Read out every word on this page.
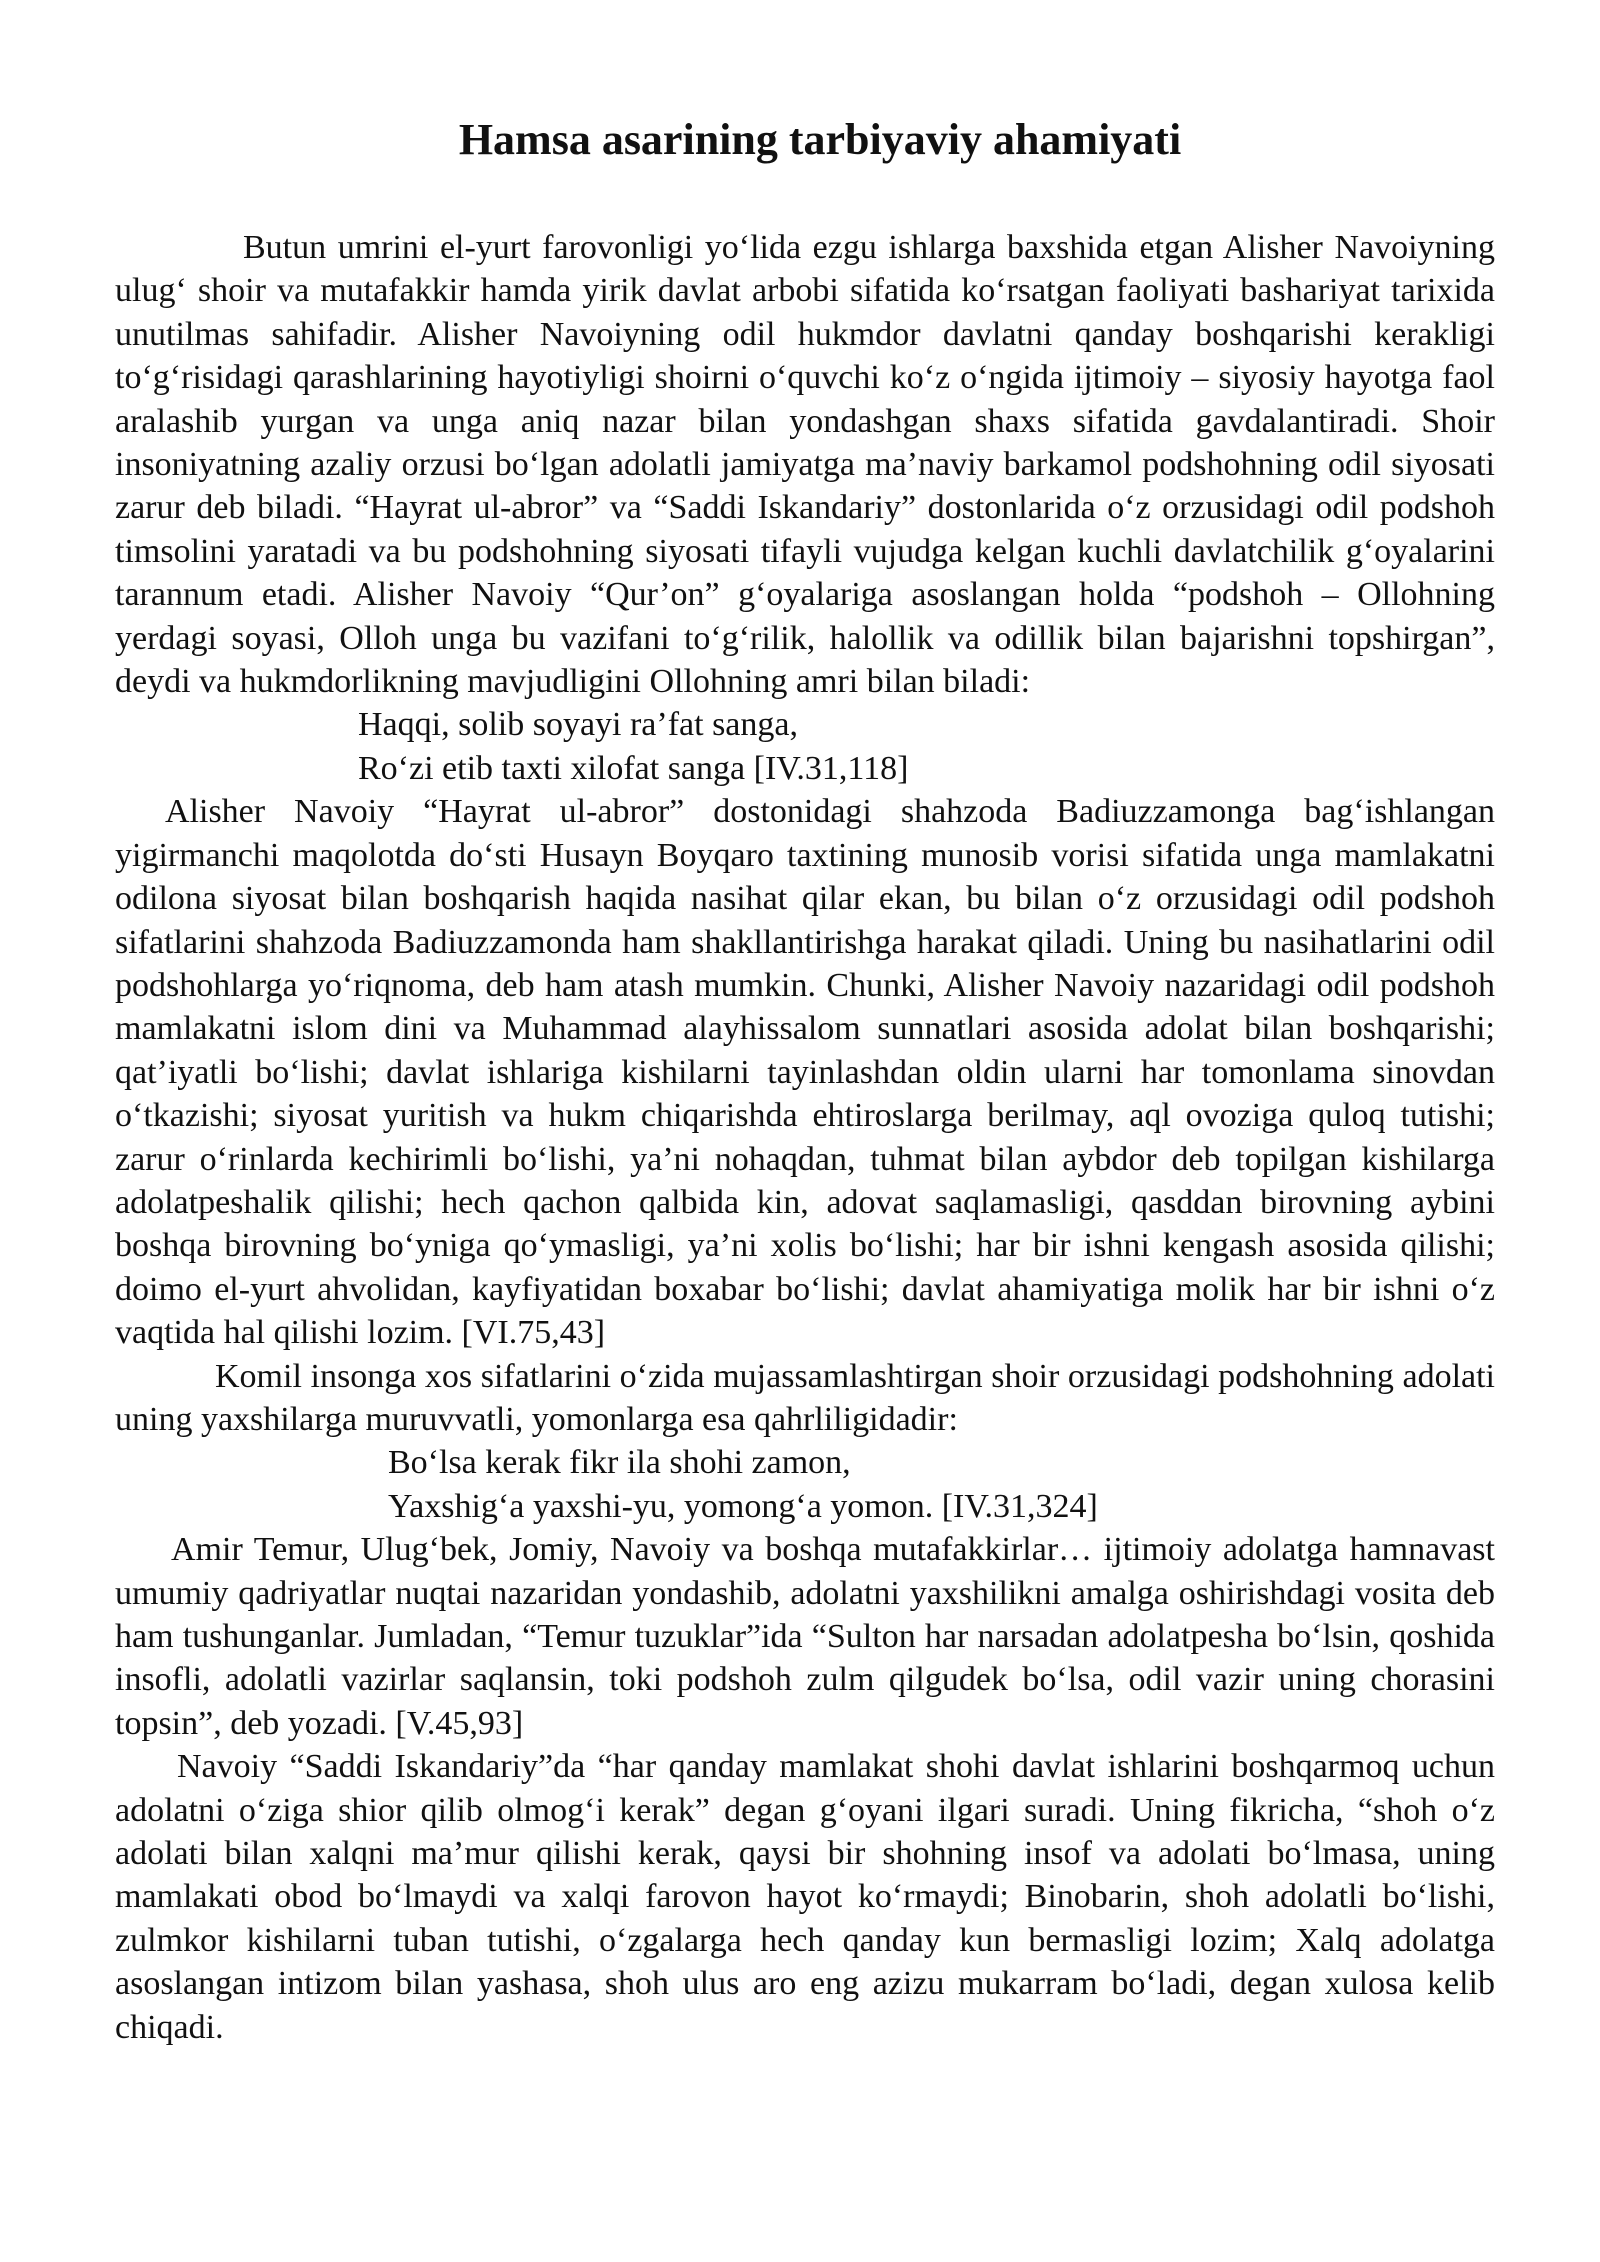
Hamsa asarining tarbiyaviy ahamiyati

Butun umrini el-yurt farovonligi yo‘lida ezgu ishlarga baxshida etgan Alisher Navoiyning ulug‘ shoir va mutafakkir hamda yirik davlat arbobi sifatida ko‘rsatgan faoliyati bashariyat tarixida unutilmas sahifadir. Alisher Navoiyning odil hukmdor davlatni qanday boshqarishi kerakligi to‘g‘risidagi qarashlarining hayotiyligi shoirni o‘quvchi ko‘z o‘ngida ijtimoiy – siyosiy hayotga faol aralashib yurgan va unga aniq nazar bilan yondashgan shaxs sifatida gavdalantiradi. Shoir insoniyatning azaliy orzusi bo‘lgan adolatli jamiyatga ma’naviy barkamol podshohning odil siyosati zarur deb biladi. “Hayrat ul-abror” va “Saddi Iskandariy” dostonlarida o‘z orzusidagi odil podshoh timsolini yaratadi va bu podshohning siyosati tifayli vujudga kelgan kuchli davlatchilik g‘oyalarini tarannum etadi. Alisher Navoiy “Qur’on” g‘oyalariga asoslangan holda “podshoh – Ollohning yerdagi soyasi, Olloh unga bu vazifani to‘g‘rilik, halollik va odillik bilan bajarishni topshirgan”, deydi va hukmdorlikning mavjudligini Ollohning amri bilan biladi:

Haqqi, solib soyayi ra’fat sanga,

Ro‘zi etib taxti xilofat sanga [IV.31,118]

Alisher Navoiy “Hayrat ul-abror” dostonidagi shahzoda Badiuzzamonga bag‘ishlangan yigirmanchi maqolotda do‘sti Husayn Boyqaro taxtining munosib vorisi sifatida unga mamlakatni odilona siyosat bilan boshqarish haqida nasihat qilar ekan, bu bilan o‘z orzusidagi odil podshoh sifatlarini shahzoda Badiuzzamonda ham shakllantirishga harakat qiladi. Uning bu nasihatlarini odil podshohlarga yo‘riqnoma, deb ham atash mumkin. Chunki, Alisher Navoiy nazaridagi odil podshoh mamlakatni islom dini va Muhammad alayhissalom sunnatlari asosida adolat bilan boshqarishi; qat’iyatli bo‘lishi; davlat ishlariga kishilarni tayinlashdan oldin ularni har tomonlama sinovdan o‘tkazishi; siyosat yuritish va hukm chiqarishda ehtiroslarga berilmay, aql ovoziga quloq tutishi; zarur o‘rinlarda kechirimli bo‘lishi, ya’ni nohaqdan, tuhmat bilan aybdor deb topilgan kishilarga adolatpeshalik qilishi; hech qachon qalbida kin, adovat saqlamasligi, qasddan birovning aybini boshqa birovning bo‘yniga qo‘ymasligi, ya’ni xolis bo‘lishi; har bir ishni kengash asosida qilishi; doimo el-yurt ahvolidan, kayfiyatidan boxabar bo‘lishi; davlat ahamiyatiga molik har bir ishni o‘z vaqtida hal qilishi lozim. [VI.75,43]

Komil insonga xos sifatlarini o‘zida mujassamlashtirgan shoir orzusidagi podshohning adolati uning yaxshilarga muruvvatli, yomonlarga esa qahrliligidadir:

Bo‘lsa kerak fikr ila shohi zamon,

Yaxshig‘a yaxshi-yu, yomong‘a yomon. [IV.31,324]

Amir Temur, Ulug‘bek, Jomiy, Navoiy va boshqa mutafakkirlar… ijtimoiy adolatga hamnavast umumiy qadriyatlar nuqtai nazaridan yondashib, adolatni yaxshilikni amalga oshirishdagi vosita deb ham tushunganlar. Jumladan, “Temur tuzuklar”ida “Sulton har narsadan adolatpesha bo‘lsin, qoshida insofli, adolatli vazirlar saqlansin, toki podshoh zulm qilgudek bo‘lsa, odil vazir uning chorasini topsin”, deb yozadi. [V.45,93]

Navoiy “Saddi Iskandariy”da “har qanday mamlakat shohi davlat ishlarini boshqarmoq uchun adolatni o‘ziga shior qilib olmog‘i kerak” degan g‘oyani ilgari suradi. Uning fikricha, “shoh o‘z adolati bilan xalqni ma’mur qilishi kerak, qaysi bir shohning insof va adolati bo‘lmasa, uning mamlakati obod bo‘lmaydi va xalqi farovon hayot ko‘rmaydi; Binobarin, shoh adolatli bo‘lishi, zulmkor kishilarni tuban tutishi, o‘zgalarga hech qanday kun bermasligi lozim; Xalq adolatga asoslangan intizom bilan yashasa, shoh ulus aro eng azizu mukarram bo‘ladi, degan xulosa kelib chiqadi.
